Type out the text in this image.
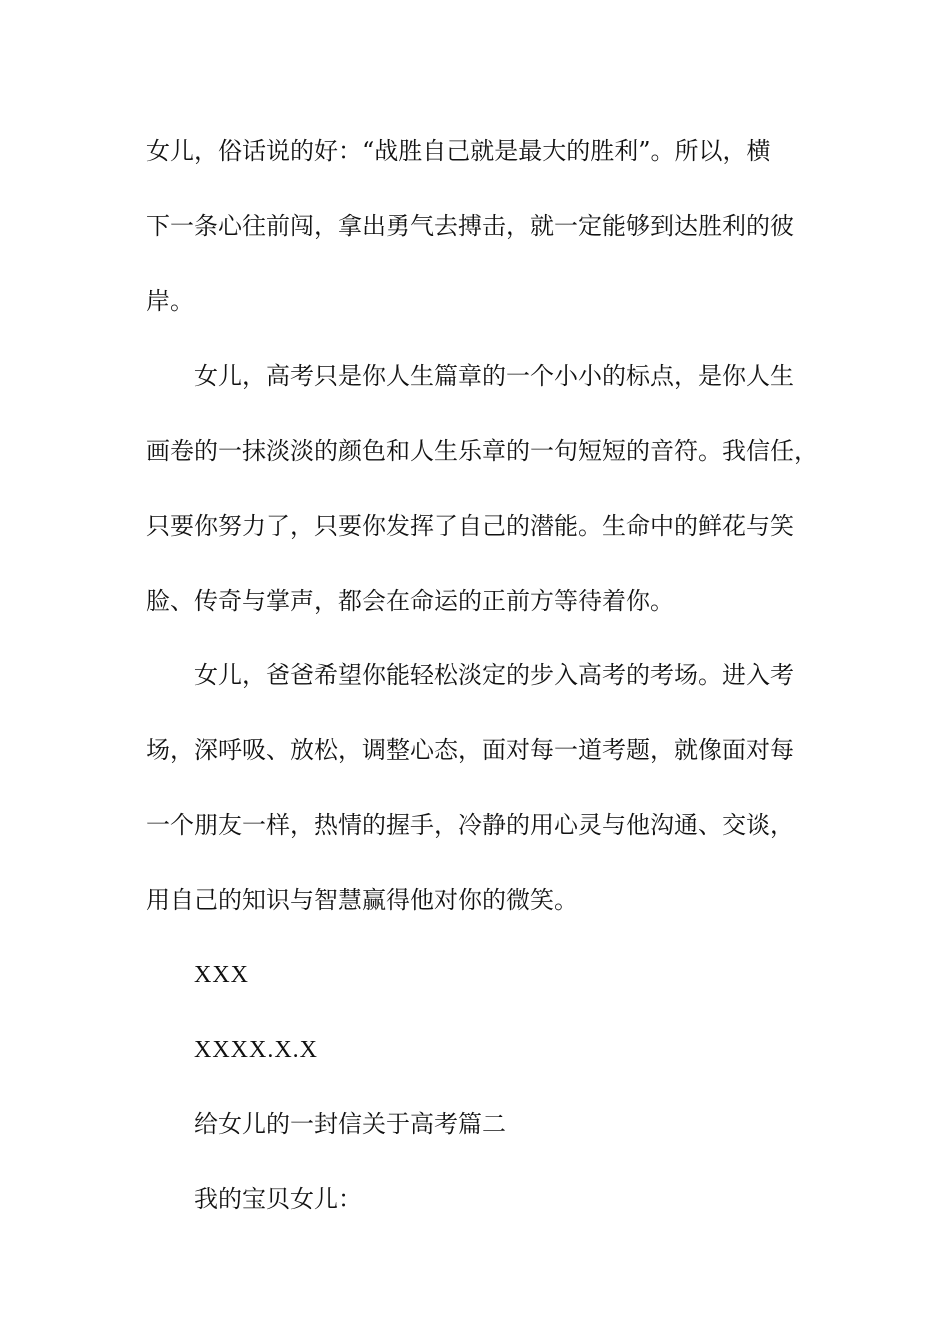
女儿，俗话说的好：“战胜自己就是最大的胜利”。所以，横
下一条心往前闯，拿出勇气去搏击，就一定能够到达胜利的彼
岸。
女儿，高考只是你人生篇章的一个小小的标点，是你人生
画卷的一抹淡淡的颜色和人生乐章的一句短短的音符。我信任，
只要你努力了，只要你发挥了自己的潜能。生命中的鲜花与笑
脸、传奇与掌声，都会在命运的正前方等待着你。
女儿，爸爸希望你能轻松淡定的步入高考的考场。进入考
场，深呼吸、放松，调整心态，面对每一道考题，就像面对每
一个朋友一样，热情的握手，冷静的用心灵与他沟通、交谈，
用自己的知识与智慧赢得他对你的微笑。
XXX
XXXX.X.X
给女儿的一封信关于高考篇二
我的宝贝女儿：
